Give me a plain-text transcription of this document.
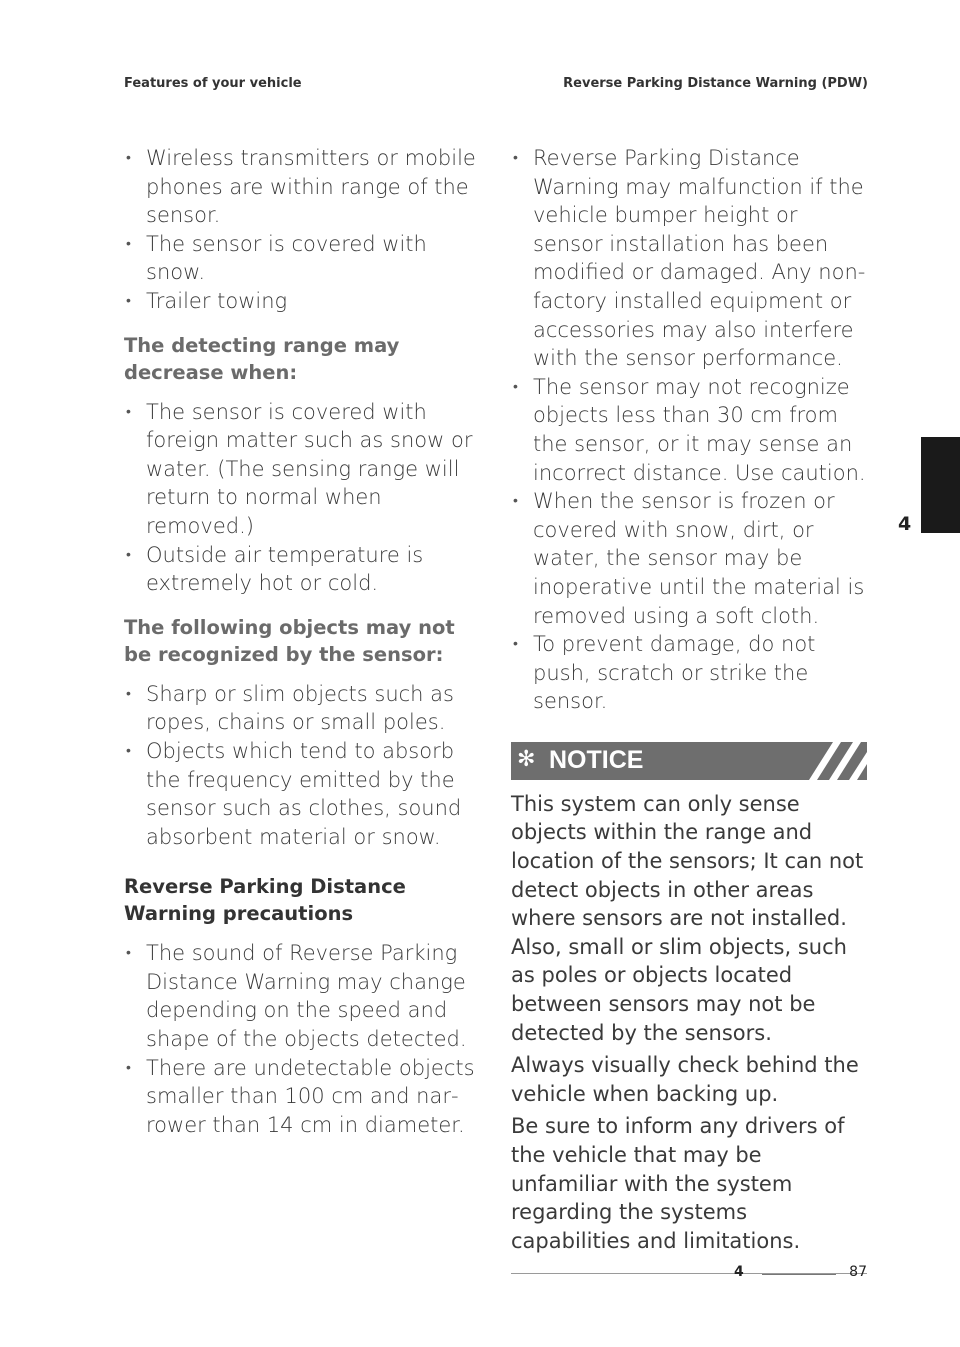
Features of your vehicle	Reverse Parking Distance Warning (PDW)
• Wireless transmitters or mobile phones are within range of the sensor.
• The sensor is covered with snow.
• Trailer towing
The detecting range may decrease when:
• The sensor is covered with foreign matter such as snow or water. (The sensing range will return to normal when removed.)
• Outside air temperature is extremely hot or cold.
The following objects may not be recognized by the sensor:
• Sharp or slim objects such as ropes, chains or small poles.
• Objects which tend to absorb the frequency emitted by the sensor such as clothes, sound absorbent material or snow.
Reverse Parking Distance Warning precautions
• The sound of Reverse Parking Distance Warning may change depending on the speed and shape of the objects detected.
• There are undetectable objects smaller than 100 cm and narrower than 14 cm in diameter.
• Reverse Parking Distance Warning may malfunction if the vehicle bumper height or sensor installation has been modified or damaged. Any non-factory installed equipment or accessories may also interfere with the sensor performance.
• The sensor may not recognize objects less than 30 cm from the sensor, or it may sense an incorrect distance. Use caution.
• When the sensor is frozen or covered with snow, dirt, or water, the sensor may be inoperative until the material is removed using a soft cloth.
• To prevent damage, do not push, scratch or strike the sensor.
✻ NOTICE

This system can only sense objects within the range and location of the sensors; It can not detect objects in other areas where sensors are not installed. Also, small or slim objects, such as poles or objects located between sensors may not be detected by the sensors.

Always visually check behind the vehicle when backing up.

Be sure to inform any drivers of the vehicle that may be unfamiliar with the system regarding the systems capabilities and limitations.

4
4	87
